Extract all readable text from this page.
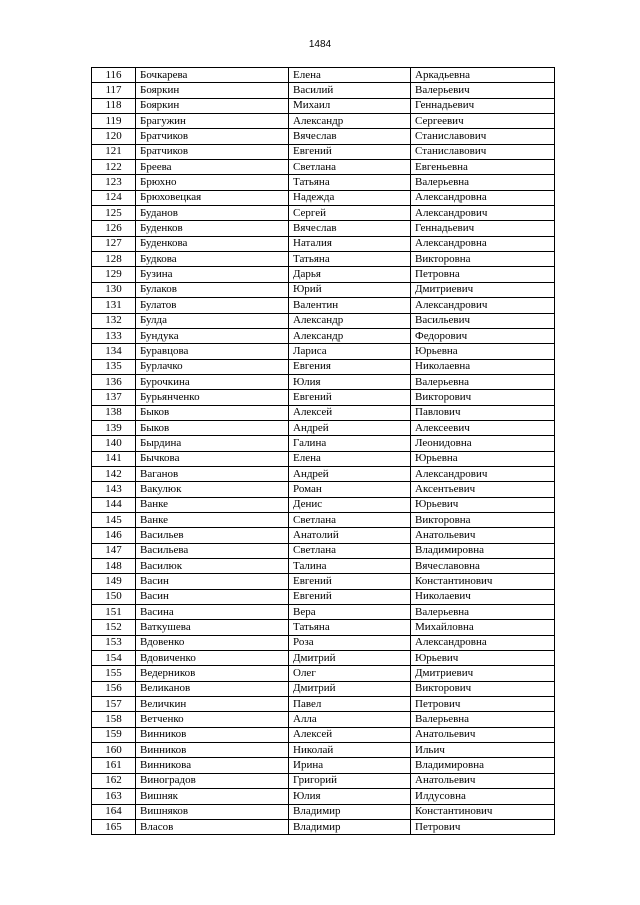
1484
116	Бочкарева	Елена	Аркадьевна
117	Бояркин	Василий	Валерьевич
118	Бояркин	Михаил	Геннадьевич
119	Брагужин	Александр	Сергеевич
120	Братчиков	Вячеслав	Станиславович
121	Братчиков	Евгений	Станиславович
122	Бреева	Светлана	Евгеньевна
123	Брюхно	Татьяна	Валерьевна
124	Брюховецкая	Надежда	Александровна
125	Буданов	Сергей	Александрович
126	Буденков	Вячеслав	Геннадьевич
127	Буденкова	Наталия	Александровна
128	Будкова	Татьяна	Викторовна
129	Бузина	Дарья	Петровна
130	Булаков	Юрий	Дмитриевич
131	Булатов	Валентин	Александрович
132	Булда	Александр	Васильевич
133	Бундука	Александр	Федорович
134	Буравцова	Лариса	Юрьевна
135	Бурлачко	Евгения	Николаевна
136	Бурочкина	Юлия	Валерьевна
137	Бурьянченко	Евгений	Викторович
138	Быков	Алексей	Павлович
139	Быков	Андрей	Алексеевич
140	Бырдина	Галина	Леонидовна
141	Бычкова	Елена	Юрьевна
142	Ваганов	Андрей	Александрович
143	Вакулюк	Роман	Аксентьевич
144	Ванке	Денис	Юрьевич
145	Ванке	Светлана	Викторовна
146	Васильев	Анатолий	Анатольевич
147	Васильева	Светлана	Владимировна
148	Василюк	Талина	Вячеславовна
149	Васин	Евгений	Константинович
150	Васин	Евгений	Николаевич
151	Васина	Вера	Валерьевна
152	Ваткушева	Татьяна	Михайловна
153	Вдовенко	Роза	Александровна
154	Вдовиченко	Дмитрий	Юрьевич
155	Ведерников	Олег	Дмитриевич
156	Великанов	Дмитрий	Викторович
157	Величкин	Павел	Петрович
158	Ветченко	Алла	Валерьевна
159	Винников	Алексей	Анатольевич
160	Винников	Николай	Ильич
161	Винникова	Ирина	Владимировна
162	Виноградов	Григорий	Анатольевич
163	Вишняк	Юлия	Илдусовна
164	Вишняков	Владимир	Константинович
165	Власов	Владимир	Петрович
